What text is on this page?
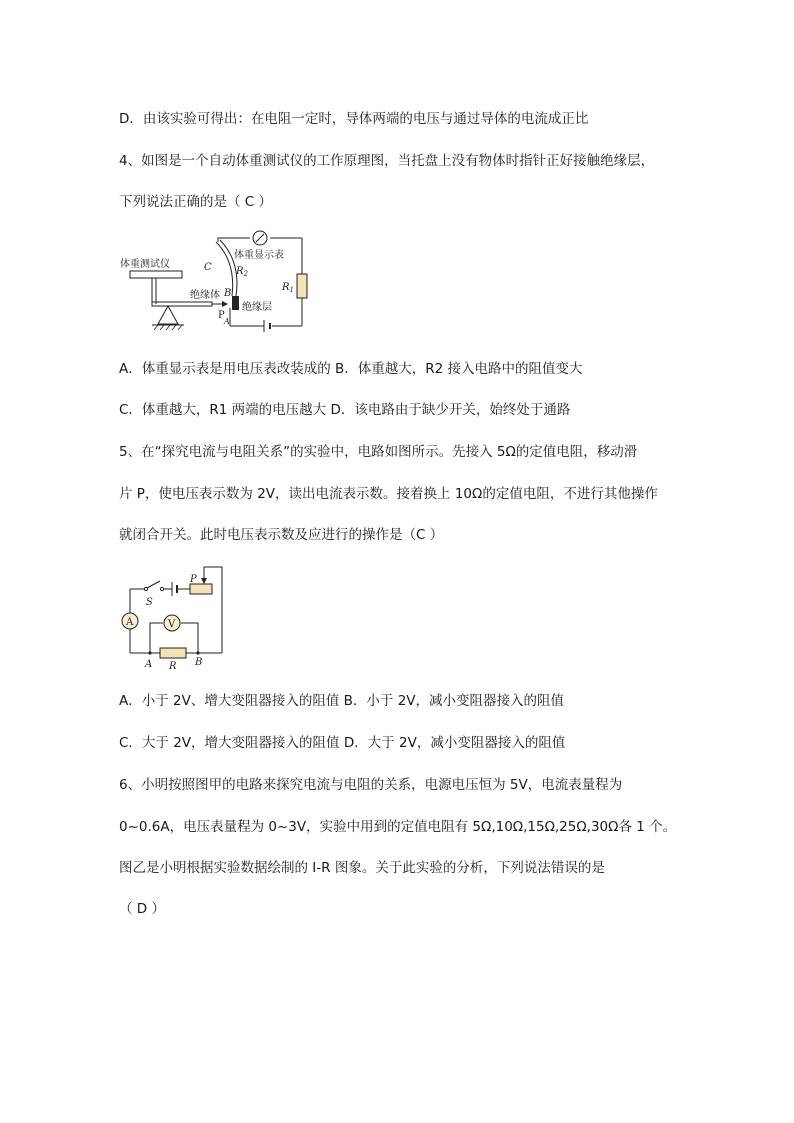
D．由该实验可得出：在电阻一定时，导体两端的电压与通过导体的电流成正比
4、如图是一个自动体重测试仪的工作原理图，当托盘上没有物体时指针正好接触绝缘层，
下列说法正确的是（ C ）
A．体重显示表是用电压表改装成的 B．体重越大，R2 接入电路中的阻值变大
C．体重越大，R1 两端的电压越大 D．该电路由于缺少开关，始终处于通路
5、在“探究电流与电阻关系”的实验中，电路如图所示。先接入 5Ω的定值电阻，移动滑
片 P，使电压表示数为 2V，读出电流表示数。接着换上 10Ω的定值电阻，不进行其他操作
就闭合开关。此时电压表示数及应进行的操作是（C ）
A．小于 2V、增大变阻器接入的阻值 B．小于 2V，减小变阻器接入的阻值
C．大于 2V，增大变阻器接入的阻值 D．大于 2V，减小变阻器接入的阻值
6、小明按照图甲的电路来探究电流与电阻的关系，电源电压恒为 5V，电流表量程为
0~0.6A，电压表量程为 0~3V，实验中用到的定值电阻有 5Ω,10Ω,15Ω,25Ω,30Ω各 1 个。
图乙是小明根据实验数据绘制的 I-R 图象。关于此实验的分析，下列说法错误的是
（ D ）
体重测试仪
绝缘体
P
A
C
B
$R_2$
绝缘层
体重显示表
$R_1$
A
S
P
A R B
V
